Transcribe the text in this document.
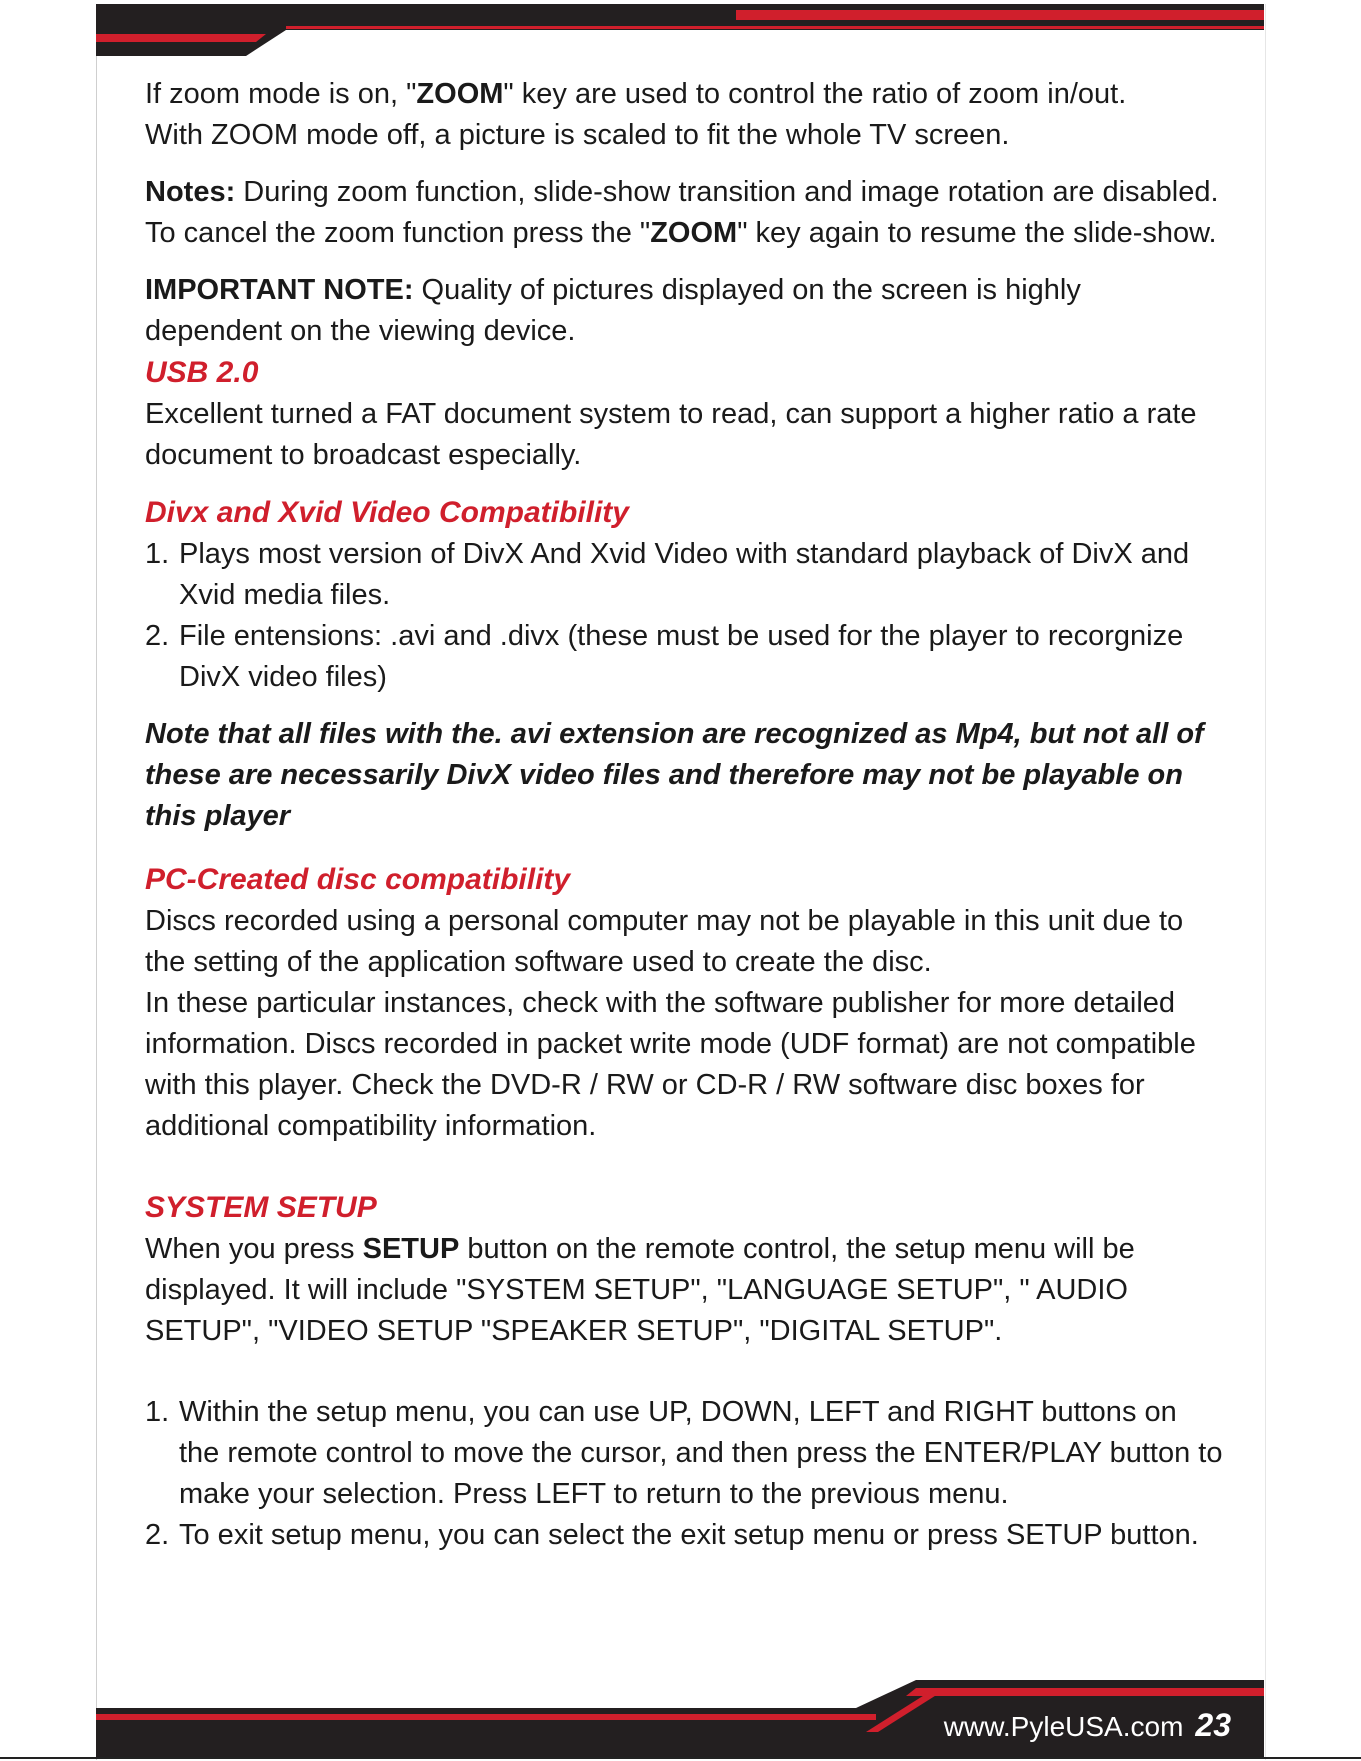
If zoom mode is on, "ZOOM" key are used to control the ratio of zoom in/out.
With ZOOM mode off, a picture is scaled to fit the whole TV screen.

Notes: During zoom function, slide-show transition and image rotation are disabled. To cancel the zoom function press the "ZOOM" key again to resume the slide-show.

IMPORTANT NOTE: Quality of pictures displayed on the screen is highly dependent on the viewing device.

USB 2.0

Excellent turned a FAT document system to read, can support a higher ratio a rate document to broadcast especially.

Divx and Xvid Video Compatibility

1. Plays most version of DivX And Xvid Video with standard playback of DivX and Xvid media files.
2. File entensions: .avi and .divx (these must be used for the player to recorgnize DivX video files)

Note that all files with the. avi extension are recognized as Mp4, but not all of these are necessarily DivX video files and therefore may not be playable on this player

PC-Created disc compatibility

Discs recorded using a personal computer may not be playable in this unit due to the setting of the application software used to create the disc.

In these particular instances, check with the software publisher for more detailed information. Discs recorded in packet write mode (UDF format) are not compatible with this player. Check the DVD-R / RW or CD-R / RW software disc boxes for additional compatibility information.

SYSTEM SETUP

When you press SETUP button on the remote control, the setup menu will be displayed. It will include "SYSTEM SETUP", "LANGUAGE SETUP", " AUDIO SETUP", "VIDEO SETUP "SPEAKER SETUP", "DIGITAL SETUP".

1. Within the setup menu, you can use UP, DOWN, LEFT and RIGHT buttons on the remote control to move the cursor, and then press the ENTER/PLAY button to make your selection. Press LEFT to return to the previous menu.
2. To exit setup menu, you can select the exit setup menu or press SETUP button.
www.PyleUSA.com 23
